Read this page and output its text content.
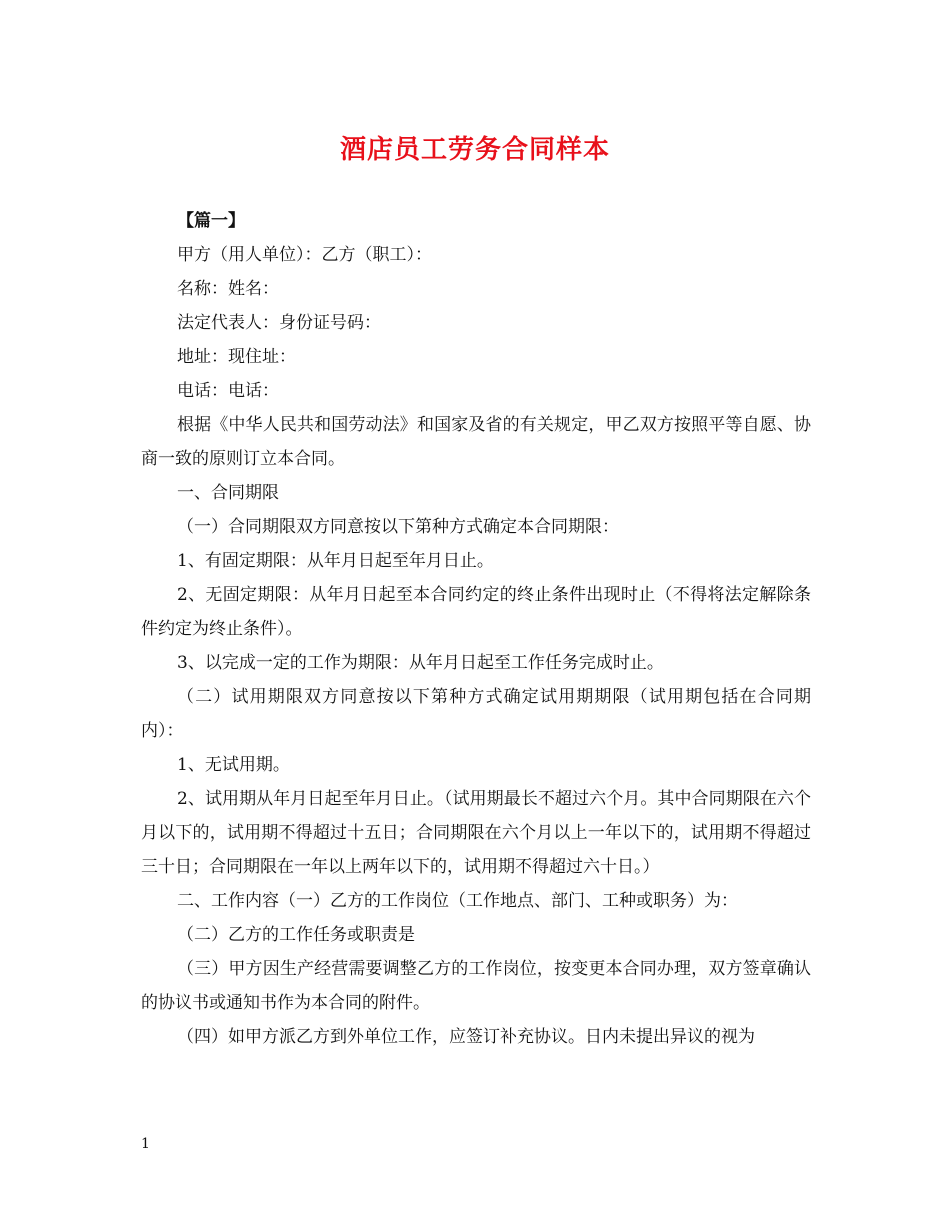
酒店员工劳务合同样本

【篇一】

甲方（用人单位）：乙方（职工）：

名称：姓名：

法定代表人：身份证号码：

地址：现住址：

电话：电话：

根据《中华人民共和国劳动法》和国家及省的有关规定，甲乙双方按照平等自愿、协商一致的原则订立本合同。

一、合同期限

（一）合同期限双方同意按以下第种方式确定本合同期限：

1、有固定期限：从年月日起至年月日止。

2、无固定期限：从年月日起至本合同约定的终止条件出现时止（不得将法定解除条件约定为终止条件）。

3、以完成一定的工作为期限：从年月日起至工作任务完成时止。

（二）试用期限双方同意按以下第种方式确定试用期期限（试用期包括在合同期内）：

1、无试用期。

2、试用期从年月日起至年月日止。（试用期最长不超过六个月。其中合同期限在六个月以下的，试用期不得超过十五日；合同期限在六个月以上一年以下的，试用期不得超过三十日；合同期限在一年以上两年以下的，试用期不得超过六十日。）

二、工作内容（一）乙方的工作岗位（工作地点、部门、工种或职务）为：

（二）乙方的工作任务或职责是

（三）甲方因生产经营需要调整乙方的工作岗位，按变更本合同办理，双方签章确认的协议书或通知书作为本合同的附件。

（四）如甲方派乙方到外单位工作，应签订补充协议。日内未提出异议的视为

1
